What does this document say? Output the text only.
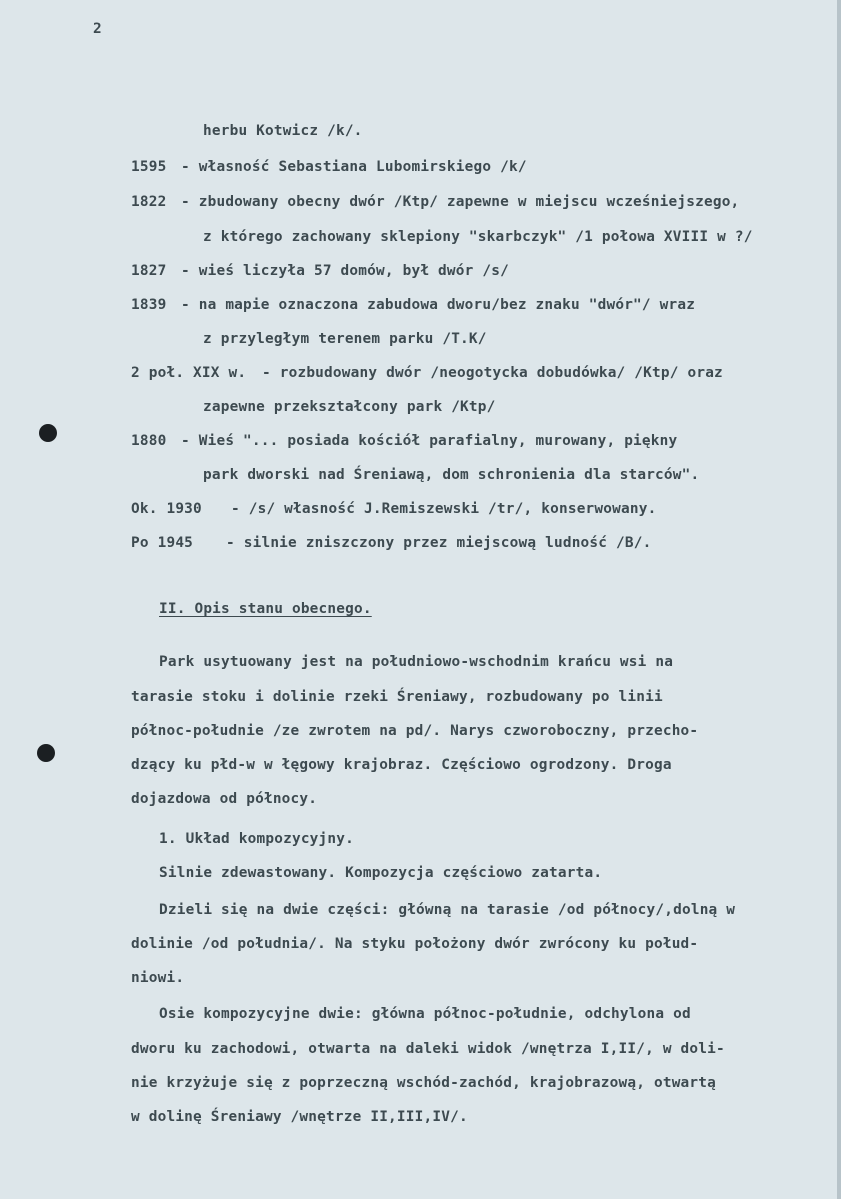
2
herbu Kotwicz /k/.
1595 - własność Sebastiana Lubomirskiego /k/
1822 - zbudowany obecny dwór /Ktp/ zapewne w miejscu wcześniejszego,
z którego zachowany sklepiony "skarbczyk" /1 połowa XVIII w ?/
1827 - wieś liczyła 57 domów, był dwór /s/
1839 - na mapie oznaczona zabudowa dworu/bez znaku "dwór"/ wraz
z przyległym terenem parku /T.K/
2 poł. XIX w. - rozbudowany dwór /neogotycka dobudówka/ /Ktp/ oraz
zapewne przekształcony park /Ktp/
1880 - Wieś "... posiada kościół parafialny, murowany, piękny
park dworski nad Śreniawą, dom schronienia dla starców".
Ok. 1930 - /s/ własność J.Remiszewski /tr/, konserwowany.
Po 1945 - silnie zniszczony przez miejscową ludność /B/.
II. Opis stanu obecnego.
Park usytuowany jest na południowo-wschodnim krańcu wsi na
tarasie stoku i dolinie rzeki Śreniawy, rozbudowany po linii
północ-południe /ze zwrotem na pd/. Narys czworoboczny, przecho-
dzący ku płd-w w łęgowy krajobraz. Częściowo ogrodzony. Droga
dojazdowa od północy.
1. Układ kompozycyjny.
Silnie zdewastowany. Kompozycja częściowo zatarta.
Dzieli się na dwie części: główną na tarasie /od północy/,dolną w
dolinie /od południa/. Na styku położony dwór zwrócony ku połud-
niowi.
Osie kompozycyjne dwie: główna północ-południe, odchylona od
dworu ku zachodowi, otwarta na daleki widok /wnętrza I,II/, w doli-
nie krzyżuje się z poprzeczną wschód-zachód, krajobrazową, otwartą
w dolinę Śreniawy /wnętrze II,III,IV/.
